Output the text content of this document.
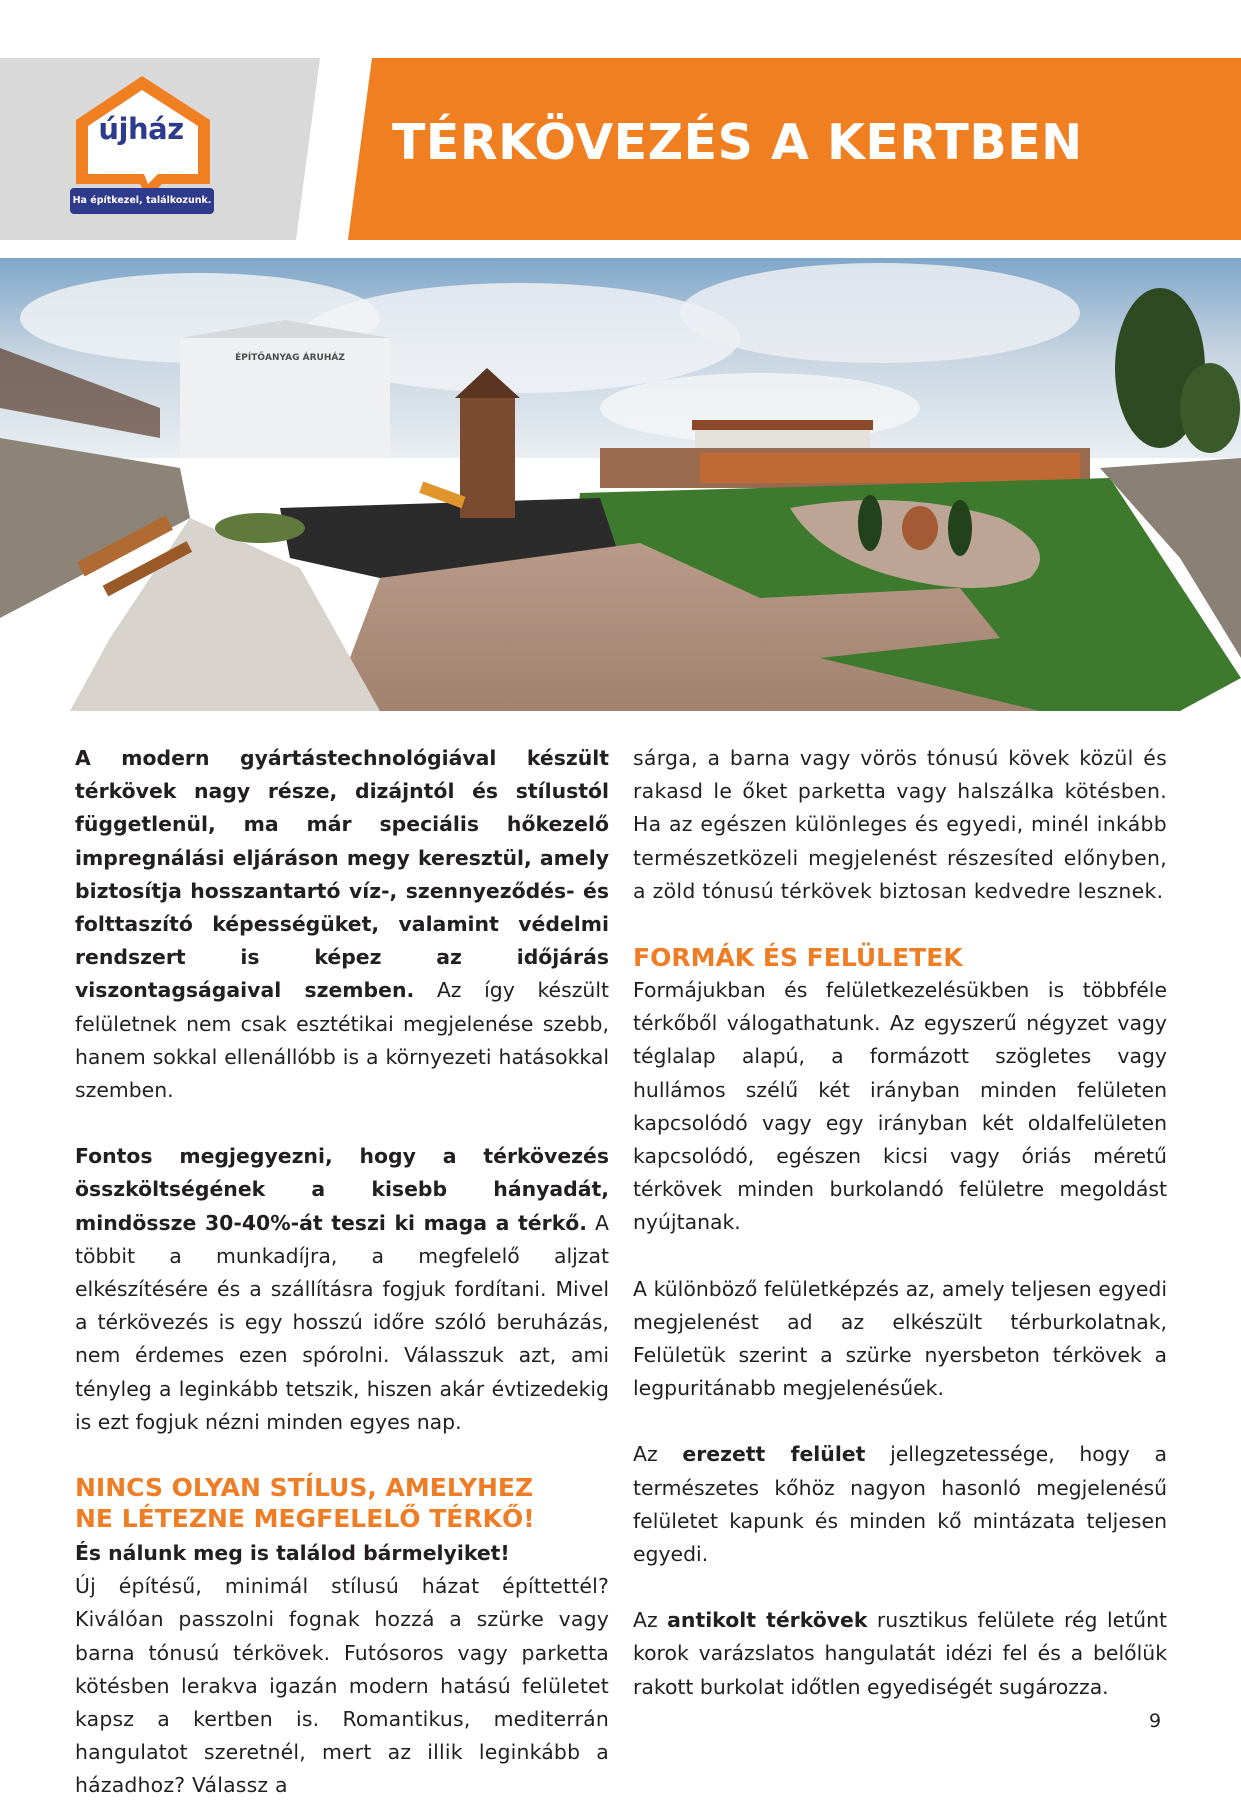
újház
Ha építkezel, találkozunk.
TÉRKÖVEZÉS A KERTBEN
ÉPÍTŐANYAG ÁRUHÁZ

A modern gyártástechnológiával készült térkövek nagy része, dizájntól és stílustól függetlenül, ma már speciális hőkezelő impregnálási eljáráson megy keresztül, amely biztosítja hosszantartó víz-, szennyeződés- és folttaszító képességüket, valamint védelmi rendszert is képez az időjárás viszontagságaival szemben. Az így készült felületnek nem csak esztétikai megjelenése szebb, hanem sokkal ellenállóbb is a környezeti hatásokkal szemben.

Fontos megjegyezni, hogy a térkövezés összköltségének a kisebb hányadát, mindössze 30-40%-át teszi ki maga a térkő. A többit a munkadíjra, a megfelelő aljzat elkészítésére és a szállításra fogjuk fordítani. Mivel a térkövezés is egy hosszú időre szóló beruházás, nem érdemes ezen spórolni. Válasszuk azt, ami tényleg a leginkább tetszik, hiszen akár évtizedekig is ezt fogjuk nézni minden egyes nap.

NINCS OLYAN STÍLUS, AMELYHEZ

NE LÉTEZNE MEGFELELŐ TÉRKŐ!

És nálunk meg is találod bármelyiket!

Új építésű, minimál stílusú házat építtettél? Kiválóan passzolni fognak hozzá a szürke vagy barna tónusú térkövek. Futósoros vagy parketta kötésben lerakva igazán modern hatású felületet kapsz a kertben is. Romantikus, mediterrán hangulatot szeretnél, mert az illik leginkább a házadhoz? Válassz a

sárga, a barna vagy vörös tónusú kövek közül és rakasd le őket parketta vagy halszálka kötésben. Ha az egészen különleges és egyedi, minél inkább természetközeli megjelenést részesíted előnyben, a zöld tónusú térkövek biztosan kedvedre lesznek.

FORMÁK ÉS FELÜLETEK

Formájukban és felületkezelésükben is többféle térkőből válogathatunk. Az egyszerű négyzet vagy téglalap alapú, a formázott szögletes vagy hullámos szélű két irányban minden felületen kapcsolódó vagy egy irányban két oldalfelületen kapcsolódó, egészen kicsi vagy óriás méretű térkövek minden burkolandó felületre megoldást nyújtanak.

A különböző felületképzés az, amely teljesen egyedi megjelenést ad az elkészült térburkolatnak, Felületük szerint a szürke nyersbeton térkövek a legpuritánabb megjelenésűek.

Az erezett felület jellegzetessége, hogy a természetes kőhöz nagyon hasonló megjelenésű felületet kapunk és minden kő mintázata teljesen egyedi.

Az antikolt térkövek rusztikus felülete rég letűnt korok varázslatos hangulatát idézi fel és a belőlük rakott burkolat időtlen egyediségét sugározza.

9
